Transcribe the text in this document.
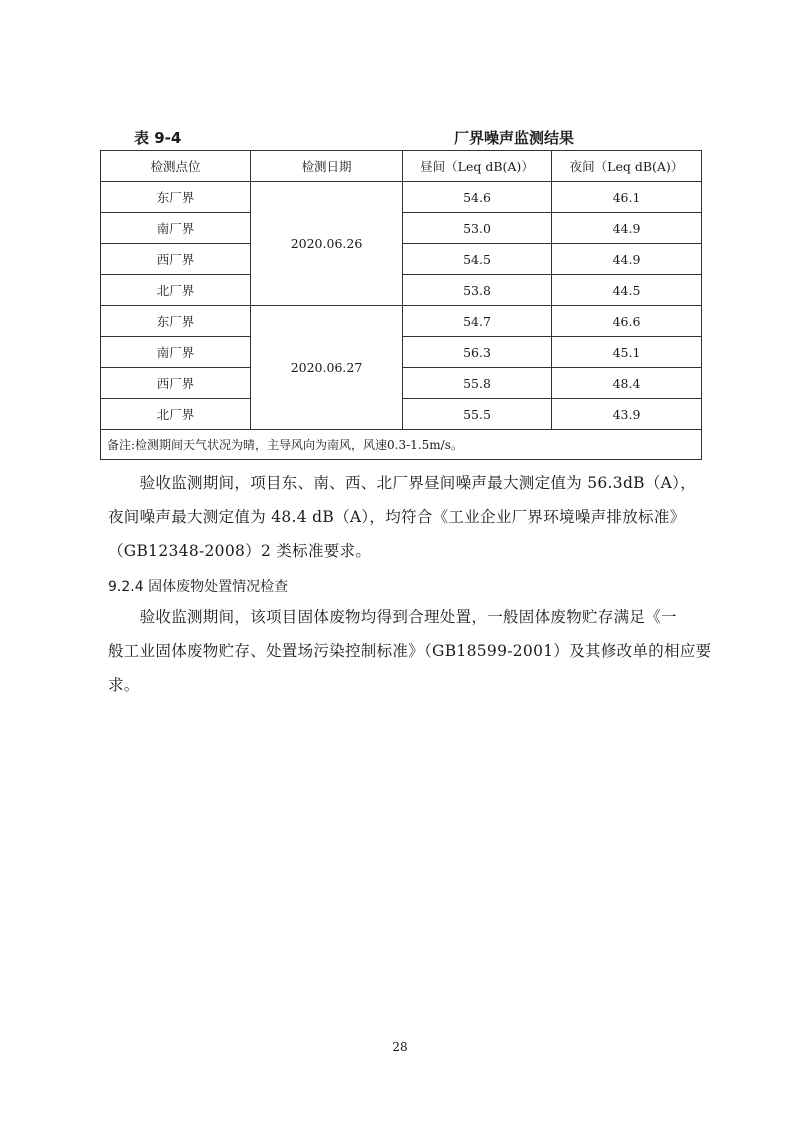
表 9-4	厂界噪声监测结果
检测点位	检测日期	昼间（Leq dB(A)）	夜间（Leq dB(A)）
东厂界	2020.06.26	54.6	46.1
南厂界		53.0	44.9
西厂界		54.5	44.9
北厂界		53.8	44.5
东厂界	2020.06.27	54.7	46.6
南厂界		56.3	45.1
西厂界		55.8	48.4
北厂界		55.5	43.9
备注:检测期间天气状况为晴，主导风向为南风，风速0.3-1.5m/s。			
　　验收监测期间，项目东、南、西、北厂界昼间噪声最大测定值为 56.3dB（A），
夜间噪声最大测定值为 48.4 dB（A），均符合《工业企业厂界环境噪声排放标准》
（GB12348-2008）2 类标准要求。
9.2.4 固体废物处置情况检查
　　验收监测期间，该项目固体废物均得到合理处置，一般固体废物贮存满足《一
般工业固体废物贮存、处置场污染控制标准》（GB18599-2001）及其修改单的相应要
求。
28
